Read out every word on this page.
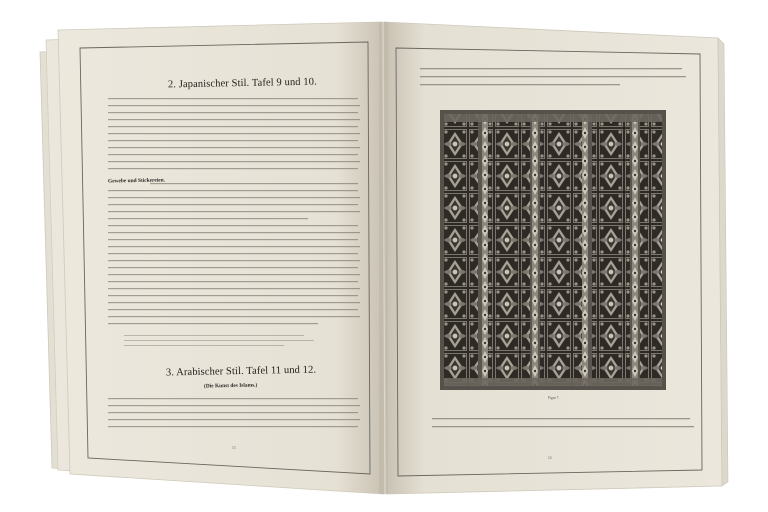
2. Japanischer Stil. Tafel 9 und 10.
Gewebe und Stickereien.
3. Arabischer Stil. Tafel 11 und 12.
(Die Kunst des Islams.)
13
Figur 7.
14
